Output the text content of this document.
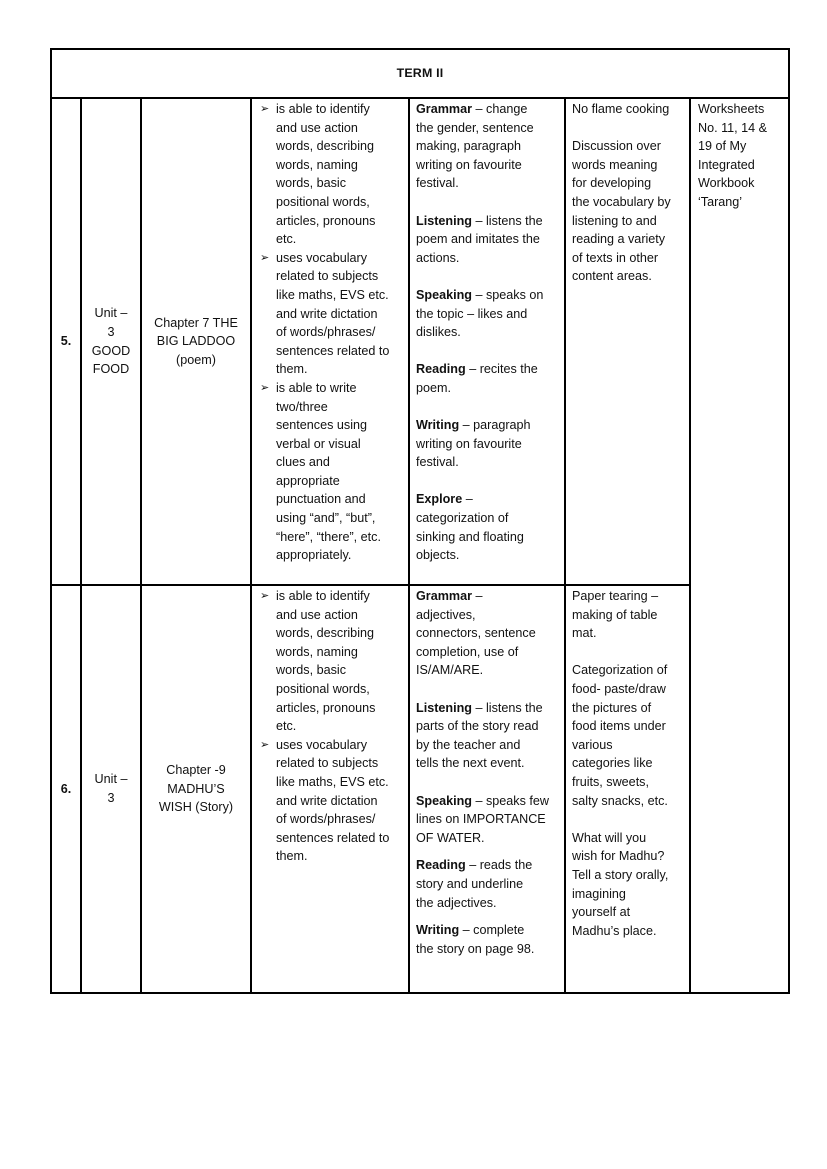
TERM II
5.
Unit –
3
GOOD
FOOD
Chapter 7 THE
BIG LADDOO
(poem)
➢ is able to identify
and use action
words, describing
words, naming
words, basic
positional words,
articles, pronouns
etc.
➢ uses vocabulary
related to subjects
like maths, EVS etc.
and write dictation
of words/phrases/
sentences related to
them.
➢ is able to write
two/three
sentences using
verbal or visual
clues and
appropriate
punctuation and
using “and”, “but”,
“here”, “there”, etc.
appropriately.
Grammar – change
the gender, sentence
making, paragraph
writing on favourite
festival.
Listening – listens the
poem and imitates the
actions.
Speaking – speaks on
the topic – likes and
dislikes.
Reading – recites the
poem.
Writing – paragraph
writing on favourite
festival.
Explore –
categorization of
sinking and floating
objects.
No flame cooking
Discussion over
words meaning
for developing
the vocabulary by
listening to and
reading a variety
of texts in other
content areas.
Worksheets
No. 11, 14 &
19 of My
Integrated
Workbook
‘Tarang’
6.
Unit –
3
Chapter -9
MADHU’S
WISH (Story)
➢ is able to identify
and use action
words, describing
words, naming
words, basic
positional words,
articles, pronouns
etc.
➢ uses vocabulary
related to subjects
like maths, EVS etc.
and write dictation
of words/phrases/
sentences related to
them.
Grammar –
adjectives,
connectors, sentence
completion, use of
IS/AM/ARE.
Listening – listens the
parts of the story read
by the teacher and
tells the next event.
Speaking – speaks few
lines on IMPORTANCE
OF WATER.
Reading – reads the
story and underline
the adjectives.
Writing – complete
the story on page 98.
Paper tearing –
making of table
mat.
Categorization of
food- paste/draw
the pictures of
food items under
various
categories like
fruits, sweets,
salty snacks, etc.
What will you
wish for Madhu?
Tell a story orally,
imagining
yourself at
Madhu’s place.
